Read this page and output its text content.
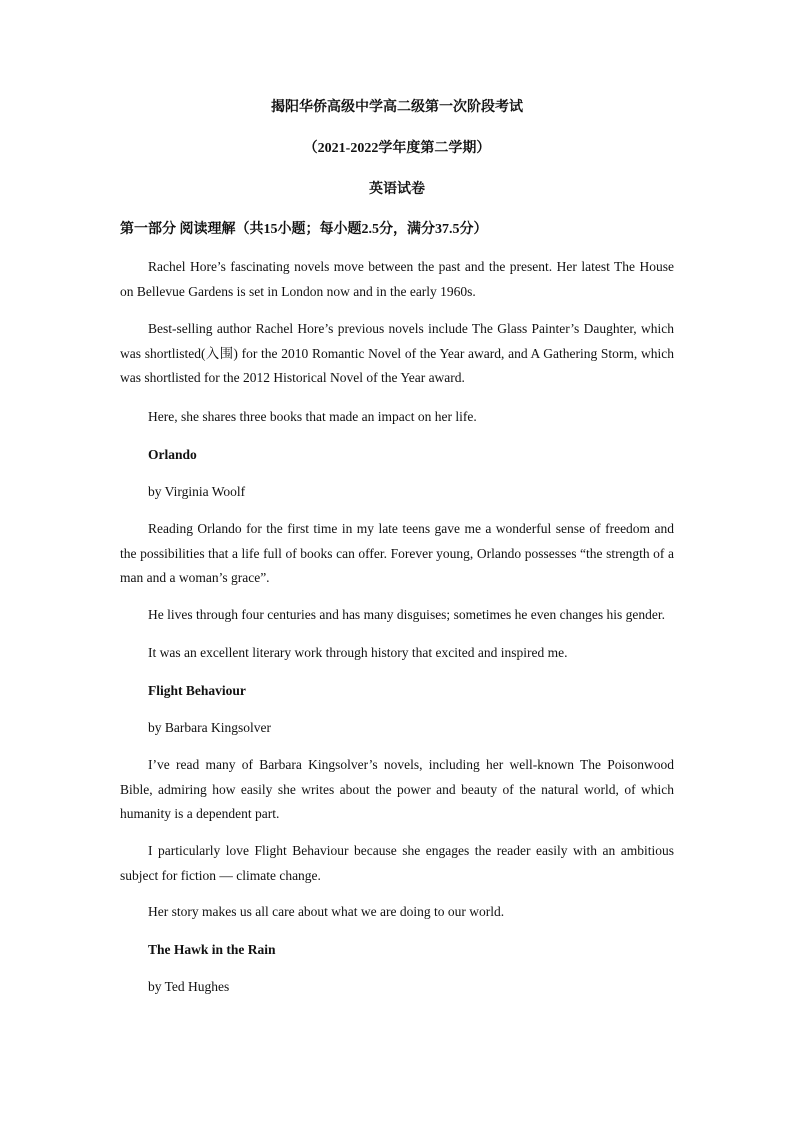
揭阳华侨高级中学高二级第一次阶段考试
（2021-2022学年度第二学期）
英语试卷
第一部分 阅读理解（共15小题；每小题2.5分，满分37.5分）
Rachel Hore’s fascinating novels move between the past and the present. Her latest The House on Bellevue Gardens is set in London now and in the early 1960s.
Best-selling author Rachel Hore’s previous novels include The Glass Painter’s Daughter, which was shortlisted(入围) for the 2010 Romantic Novel of the Year award, and A Gathering Storm, which was shortlisted for the 2012 Historical Novel of the Year award.
Here, she shares three books that made an impact on her life.
Orlando
by Virginia Woolf
Reading Orlando for the first time in my late teens gave me a wonderful sense of freedom and the possibilities that a life full of books can offer. Forever young, Orlando possesses “the strength of a man and a woman’s grace”.
He lives through four centuries and has many disguises; sometimes he even changes his gender.
It was an excellent literary work through history that excited and inspired me.
Flight Behaviour
by Barbara Kingsolver
I’ve read many of Barbara Kingsolver’s novels, including her well-known The Poisonwood Bible, admiring how easily she writes about the power and beauty of the natural world, of which humanity is a dependent part.
I particularly love Flight Behaviour because she engages the reader easily with an ambitious subject for fiction — climate change.
Her story makes us all care about what we are doing to our world.
The Hawk in the Rain
by Ted Hughes
